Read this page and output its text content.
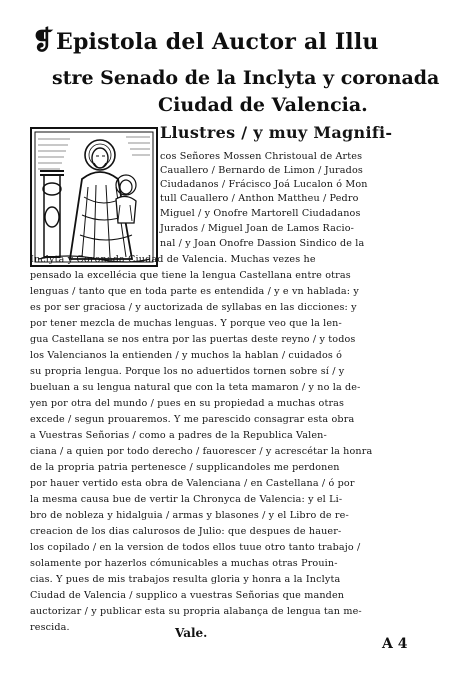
❡Epistola del Auctor al Illu
stre Senado de la Inclyta y coronada
Ciudad de Valencia.
Llustres / y muy Magnifi-
cos Señores Mossen Christoual de Artes
Cauallero / Bernardo de Limon / Jurados
Ciudadanos / Frácisco Joá Lucalon ó Mon
tull Cauallero / Anthon Mattheu / Pedro
Miguel / y Onofre Martorell Ciudadanos
Jurados / Miguel Joan de Lamos Racio-
nal / y Joan Onofre Dassion Sindico de la
Inclyta y Coronada Ciudad de Valencia. Muchas vezes he
pensado la excellécia que tiene la lengua Castellana entre otras
lenguas / tanto que en toda parte es entendida / y e vn hablada: y
es por ser graciosa / y auctorizada de syllabas en las dicciones: y
por tener mezcla de muchas lenguas. Y porque veo que la len-
gua Castellana se nos entra por las puertas deste reyno / y todos
los Valencianos la entienden / y muchos la hablan / cuidados ó
su propria lengua. Porque los no aduertidos tornen sobre sí / y
bueluan a su lengua natural que con la teta mamaron / y no la de-
yen por otra del mundo / pues en su propiedad a muchas otras
excede / segun prouaremos. Y me parescido consagrar esta obra
a Vuestras Señorias / como a padres de la Republica Valen-
ciana / a quien por todo derecho / fauorescer / y acrescétar la honra
de la propria patria pertenesce / supplicandoles me perdonen
por hauer vertido esta obra de Valenciana / en Castellana / ó por
la mesma causa bue de vertir la Chronyca de Valencia: y el Li-
bro de nobleza y hidalguia / armas y blasones / y el Libro de re-
creacion de los dias calurosos de Julio: que despues de hauer-
los copilado / en la version de todos ellos tuue otro tanto trabajo /
solamente por hazerlos cómunicables a muchas otras Prouin-
cias. Y pues de mis trabajos resulta gloria y honra a la Inclyta
Ciudad de Valencia / supplico a vuestras Señorias que manden
auctorizar / y publicar esta su propria alabança de lengua tan me-
rescida.	Vale.
A 4
